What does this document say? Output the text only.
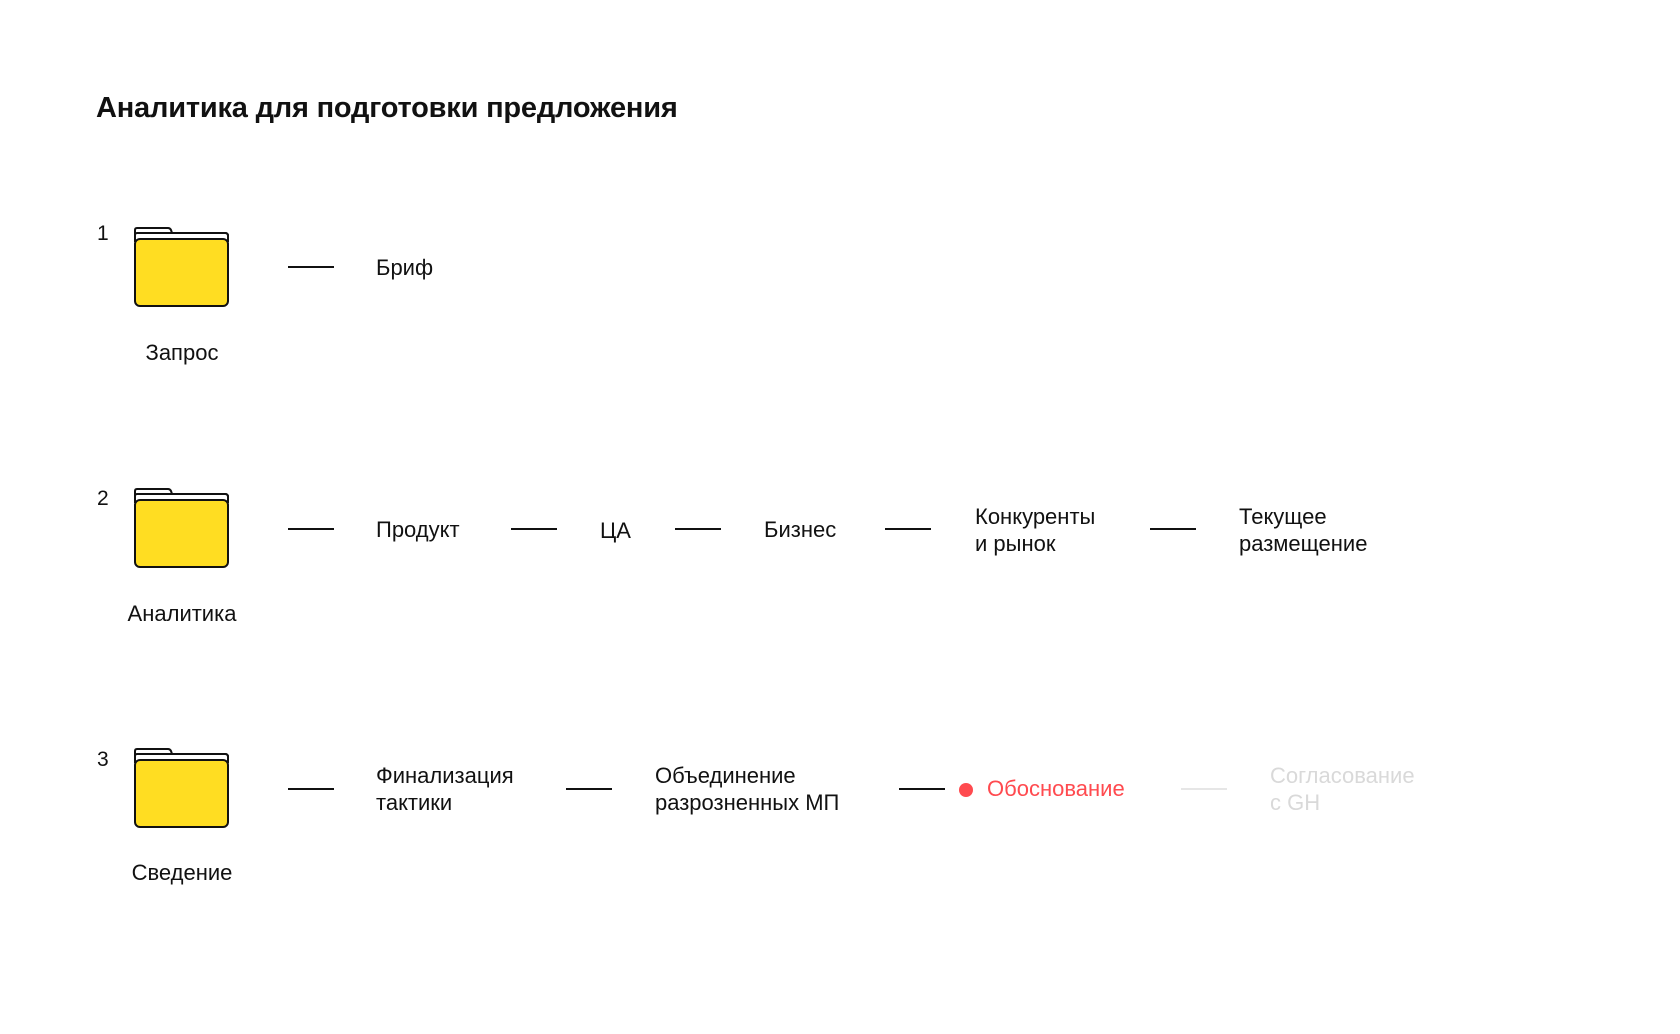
Аналитика для подготовки предложения
1
Запрос
Бриф
2
Аналитика
Продукт	ЦА	Бизнес
Конкуренты
и рынок
Текущее
размещение
3
Сведение
Финализация
тактики
Объединение
разрозненных МП
Обоснование
Согласование
с GH
